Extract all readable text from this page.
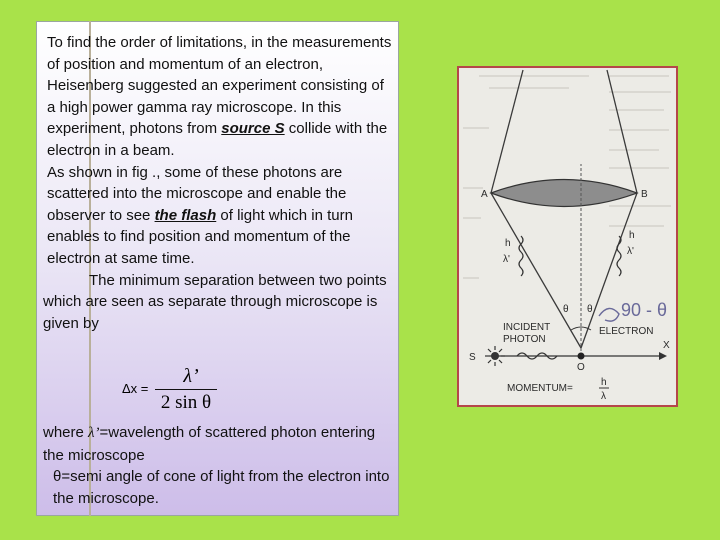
To find the order of limitations, in the measurements of position and momentum of an electron, Heisenberg suggested an experiment consisting of a high power gamma ray microscope. In this experiment, photons from source S collide with the electron in a beam.

As shown in fig ., some of these photons are scattered into the microscope and enable the observer to see the flash of light which in turn enables to find position and momentum of the electron at same time.

The minimum separation between two points which are seen as separate through microscope is given by

Δx =
λ’
2 sin θ

where λ’=wavelength of scattered photon entering the microscope

θ=semi angle of cone of light from the electron into the microscope.

A	B
h
λ'
h
λ'
θ θ 90 - θ
INCIDENT
PHOTON
ELECTRON
S
X
O
MOMENTUM=
h
λ
